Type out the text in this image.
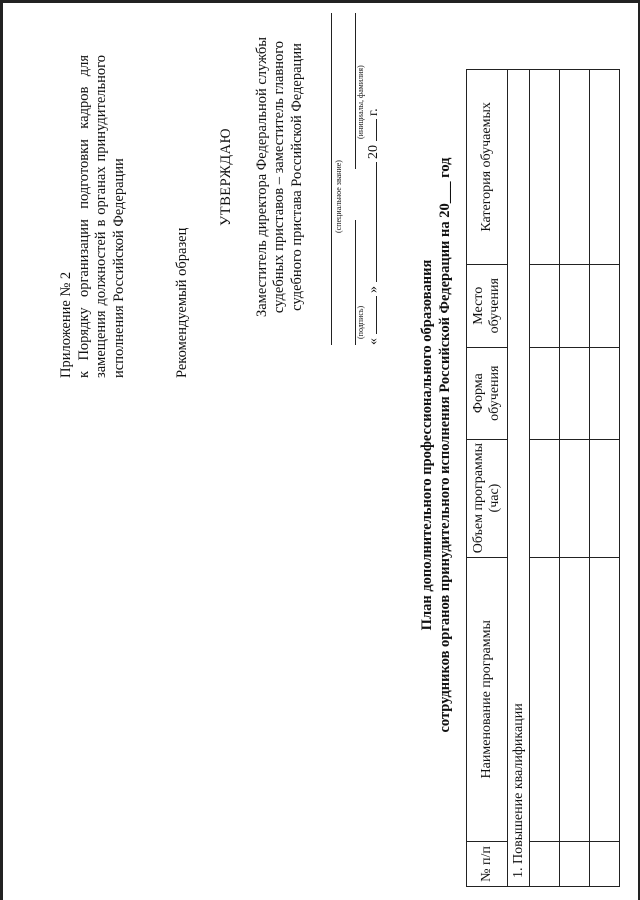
Приложение № 2 к Порядку организации подготовки кадров для замещения должностей в органах принудительного исполнения Российской Федерации	Рекомендуемый образец

УТВЕРЖДАЮ Заместитель директора Федеральной службы судебных приставов – заместитель главного судебного пристава Российской Федерации	(специальное звание)
(подпись)
(инициалы, фамилия)
«  »  20  г.

План дополнительного профессионального образования сотрудников органов принудительного исполнения Российской Федерации на 20___ год

№ п/п	Наименование программы	Объем программы (час)	Форма обучения	Место обучения	Категория обучаемых
1. Повышение квалификации					
